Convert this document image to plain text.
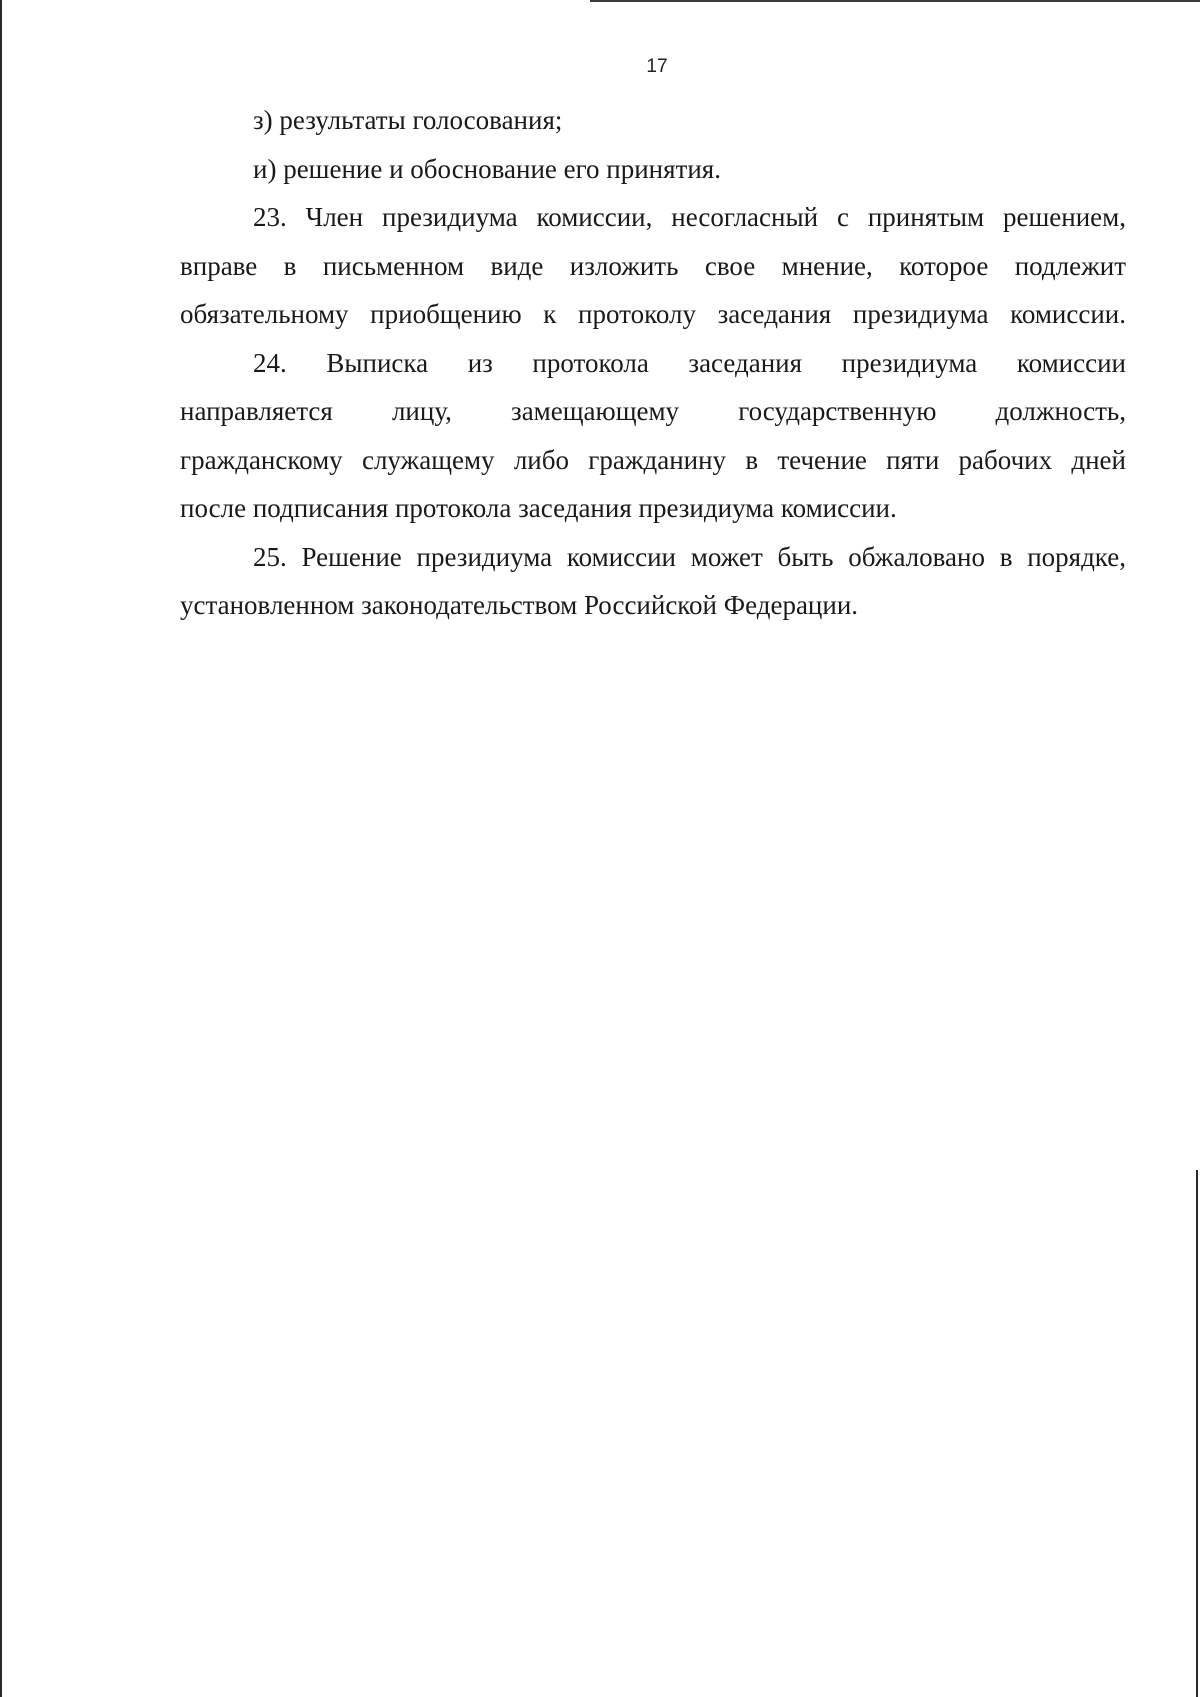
17

з) результаты голосования;

и) решение и обоснование его принятия.

23. Член президиума комиссии, несогласный с принятым решением,
вправе в письменном виде изложить свое мнение, которое подлежит
обязательному приобщению к протоколу заседания президиума комиссии.

24. Выписка из протокола заседания президиума комиссии
направляется лицу, замещающему государственную должность,
гражданскому служащему либо гражданину в течение пяти рабочих дней
после подписания протокола заседания президиума комиссии.

25. Решение президиума комиссии может быть обжаловано в порядке,
установленном законодательством Российской Федерации.
